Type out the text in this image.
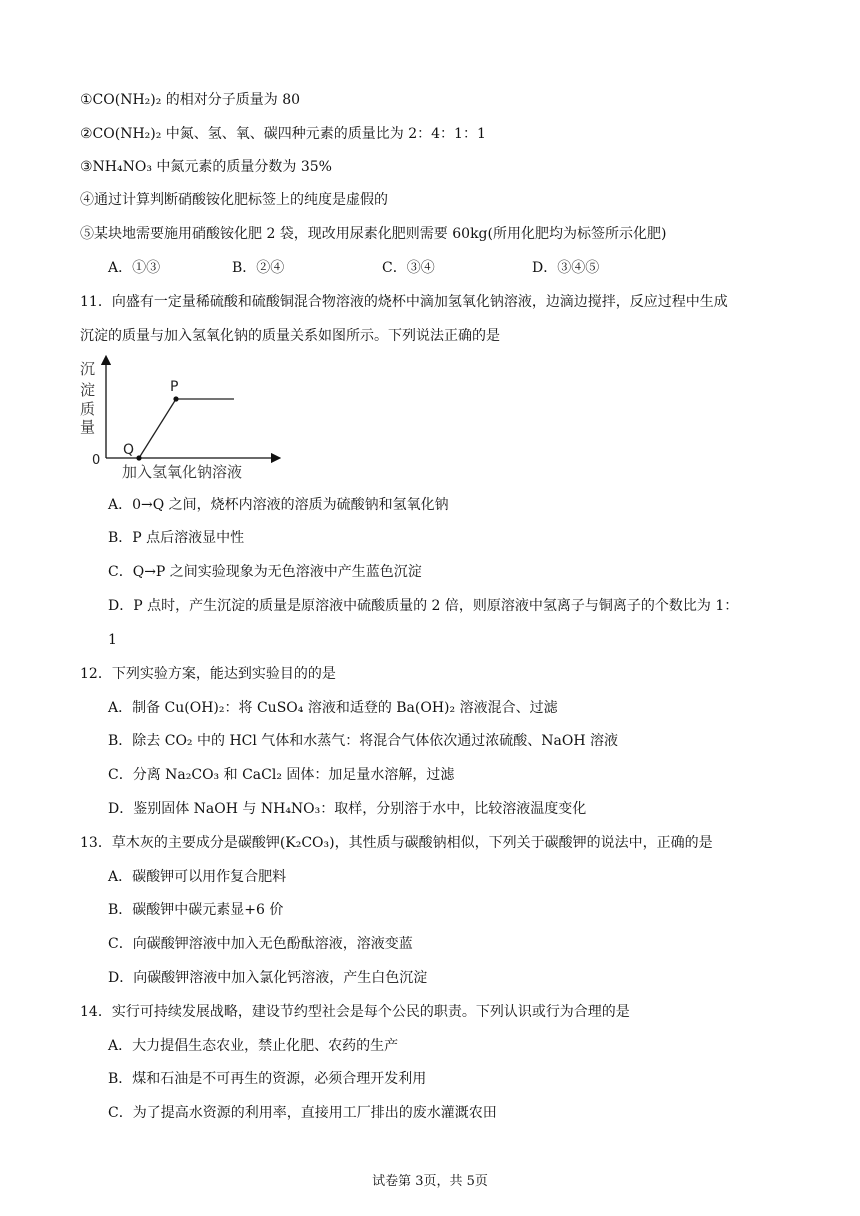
①CO(NH₂)₂ 的相对分子质量为 80
②CO(NH₂)₂ 中氮、氢、氧、碳四种元素的质量比为 2：4：1：1
③NH₄NO₃ 中氮元素的质量分数为 35%
④通过计算判断硝酸铵化肥标签上的纯度是虚假的
⑤某块地需要施用硝酸铵化肥 2 袋，现改用尿素化肥则需要 60kg(所用化肥均为标签所示化肥)
A．①③	B．②④	C．③④	D．③④⑤
11．向盛有一定量稀硫酸和硫酸铜混合物溶液的烧杯中滴加氢氧化钠溶液，边滴边搅拌，反应过程中生成
沉淀的质量与加入氢氧化钠的质量关系如图所示。下列说法正确的是
沉
淀
质
量
0
Q
P
加入氢氧化钠溶液
A．0→Q 之间，烧杯内溶液的溶质为硫酸钠和氢氧化钠
B．P 点后溶液显中性
C．Q→P 之间实验现象为无色溶液中产生蓝色沉淀
D．P 点时，产生沉淀的质量是原溶液中硫酸质量的 2 倍，则原溶液中氢离子与铜离子的个数比为 1：
1
12．下列实验方案，能达到实验目的的是
A．制备 Cu(OH)₂：将 CuSO₄ 溶液和适登的 Ba(OH)₂ 溶液混合、过滤
B．除去 CO₂ 中的 HCl 气体和水蒸气：将混合气体依次通过浓硫酸、NaOH 溶液
C．分离 Na₂CO₃ 和 CaCl₂ 固体：加足量水溶解，过滤
D．鉴别固体 NaOH 与 NH₄NO₃：取样，分别溶于水中，比较溶液温度变化
13．草木灰的主要成分是碳酸钾(K₂CO₃)，其性质与碳酸钠相似，下列关于碳酸钾的说法中，正确的是
A．碳酸钾可以用作复合肥料
B．碳酸钾中碳元素显+6 价
C．向碳酸钾溶液中加入无色酚酞溶液，溶液变蓝
D．向碳酸钾溶液中加入氯化钙溶液，产生白色沉淀
14．实行可持续发展战略，建设节约型社会是每个公民的职责。下列认识或行为合理的是
A．大力提倡生态农业，禁止化肥、农药的生产
B．煤和石油是不可再生的资源，必须合理开发利用
C．为了提高水资源的利用率，直接用工厂排出的废水灌溉农田
试卷第 3页，共 5页
